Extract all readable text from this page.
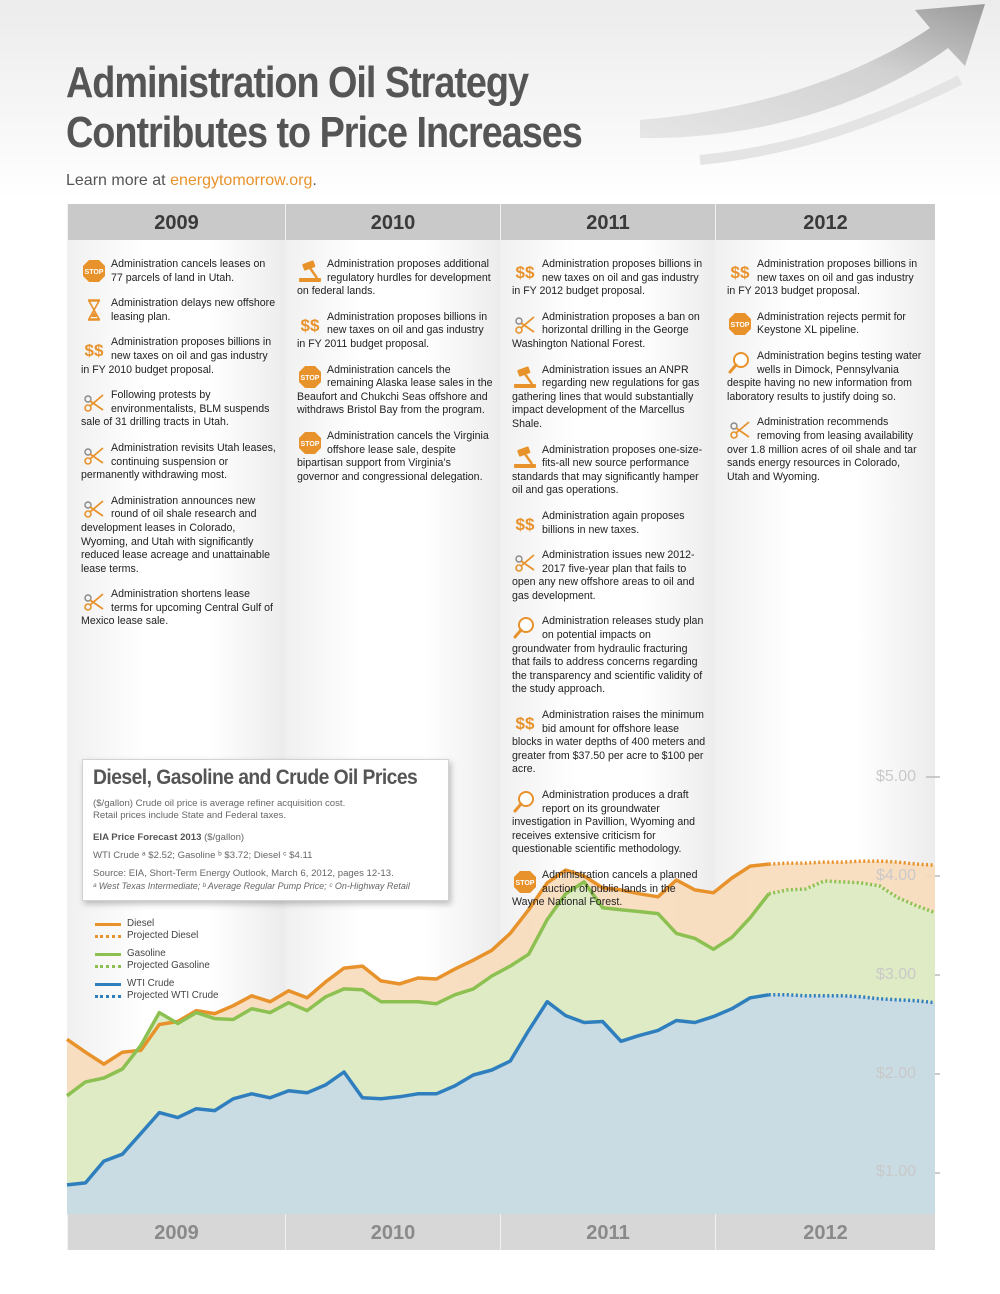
Administration Oil Strategy
Contributes to Price Increases
Learn more at energytomorrow.org.
2009	2010	2011	2012
2009	2010	2011	2012
STOP
Administration cancels leases on 77 parcels of land in Utah.
Administration delays new offshore leasing plan.
$$ Administration proposes billions in new taxes on oil and gas industry in FY 2010 budget proposal.
Following protests by environmentalists, BLM suspends sale of 31 drilling tracts in Utah.
Administration revisits Utah leases, continuing suspension or permanently withdrawing most.
Administration announces new round of oil shale research and development leases in Colorado, Wyoming, and Utah with significantly reduced lease acreage and unattainable lease terms.
Administration shortens lease terms for upcoming Central Gulf of Mexico lease sale.
Administration proposes additional regulatory hurdles for development on federal lands.
$$ Administration proposes billions in new taxes on oil and gas industry in FY 2011 budget proposal.
STOP
Administration cancels the remaining Alaska lease sales in the Beaufort and Chukchi Seas offshore and withdraws Bristol Bay from the program.
STOP
Administration cancels the Virginia offshore lease sale, despite bipartisan support from Virginia’s governor and congressional delegation.
$$ Administration proposes billions in new taxes on oil and gas industry in FY 2012 budget proposal.
Administration proposes a ban on horizontal drilling in the George Washington National Forest.
Administration issues an ANPR regarding new regulations for gas gathering lines that would substantially impact development of the Marcellus Shale.
Administration proposes one-size-fits-all new source performance standards that may significantly hamper oil and gas operations.
$$ Administration again proposes billions in new taxes.
Administration issues new 2012-2017 five-year plan that fails to open any new offshore areas to oil and gas development.
Administration releases study plan on potential impacts on groundwater from hydraulic fracturing that fails to address concerns regarding the transparency and scientific validity of the study approach.
$$ Administration raises the minimum bid amount for offshore lease blocks in water depths of 400 meters and greater from $37.50 per acre to $100 per acre.
Administration produces a draft report on its groundwater investigation in Pavillion, Wyoming and receives extensive criticism for questionable scientific methodology.
STOP
Administration cancels a planned auction of public lands in the Wayne National Forest.
$$ Administration proposes billions in new taxes on oil and gas industry in FY 2013 budget proposal.
STOP
Administration rejects permit for Keystone XL pipeline.
Administration begins testing water wells in Dimock, Pennsylvania despite having no new information from laboratory results to justify doing so.
Administration recommends removing from leasing availability over 1.8 million acres of oil shale and tar sands energy resources in Colorado, Utah and Wyoming.
Diesel, Gasoline and Crude Oil Prices
($/gallon) Crude oil price is average refiner acquisition cost.
Retail prices include State and Federal taxes.
EIA Price Forecast 2013 ($/gallon)
WTI Crude ᵃ $2.52; Gasoline ᵇ $3.72; Diesel ᶜ $4.11
Source: EIA, Short-Term Energy Outlook, March 6, 2012, pages 12-13.
ᵃ West Texas Intermediate; ᵇ Average Regular Pump Price; ᶜ On-Highway Retail
Diesel
Projected Diesel
Gasoline
Projected Gasoline
WTI Crude
Projected WTI Crude
$5.00
$4.00
$3.00
$2.00
$1.00
